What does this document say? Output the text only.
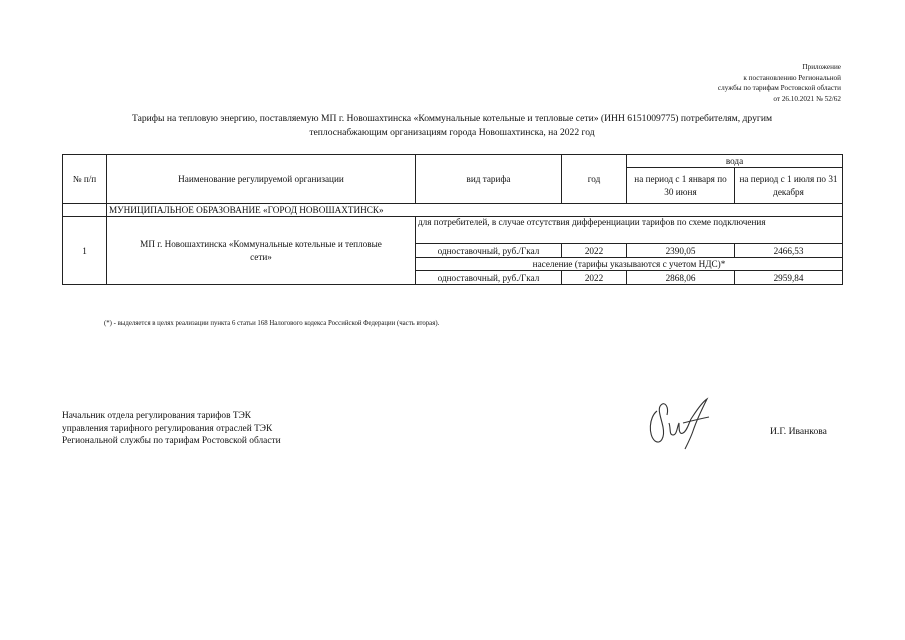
Приложение
к постановлению Региональной
службы по тарифам Ростовской области
от 26.10.2021 № 52/62
Тарифы на тепловую энергию, поставляемую МП г. Новошахтинска «Коммунальные котельные и тепловые сети» (ИНН 6151009775) потребителям, другим
теплоснабжающим организациям города Новошахтинска, на 2022 год
№ п/п	Наименование регулируемой организации	вид тарифа	год	вода	
				на период с 1 января по 30 июня	на период с 1 июля по 31 декабря
	МУНИЦИПАЛЬНОЕ ОБРАЗОВАНИЕ «ГОРОД НОВОШАХТИНСК»				
1	МП г. Новошахтинска «Коммунальные котельные и тепловые сети»	для потребителей, в случае отсутствия дифференциации тарифов по схеме подключения			
		одноставочный, руб./Гкал	2022	2390,05	2466,53
		население (тарифы указываются с учетом НДС)*			
		одноставочный, руб./Гкал	2022	2868,06	2959,84
(*) - выделяется в целях реализации пункта 6 статьи 168 Налогового кодекса Российской Федерации (часть вторая).
Начальник отдела регулирования тарифов ТЭК
управления тарифного регулирования отраслей ТЭК
Региональной службы по тарифам Ростовской области
И.Г. Иванкова
